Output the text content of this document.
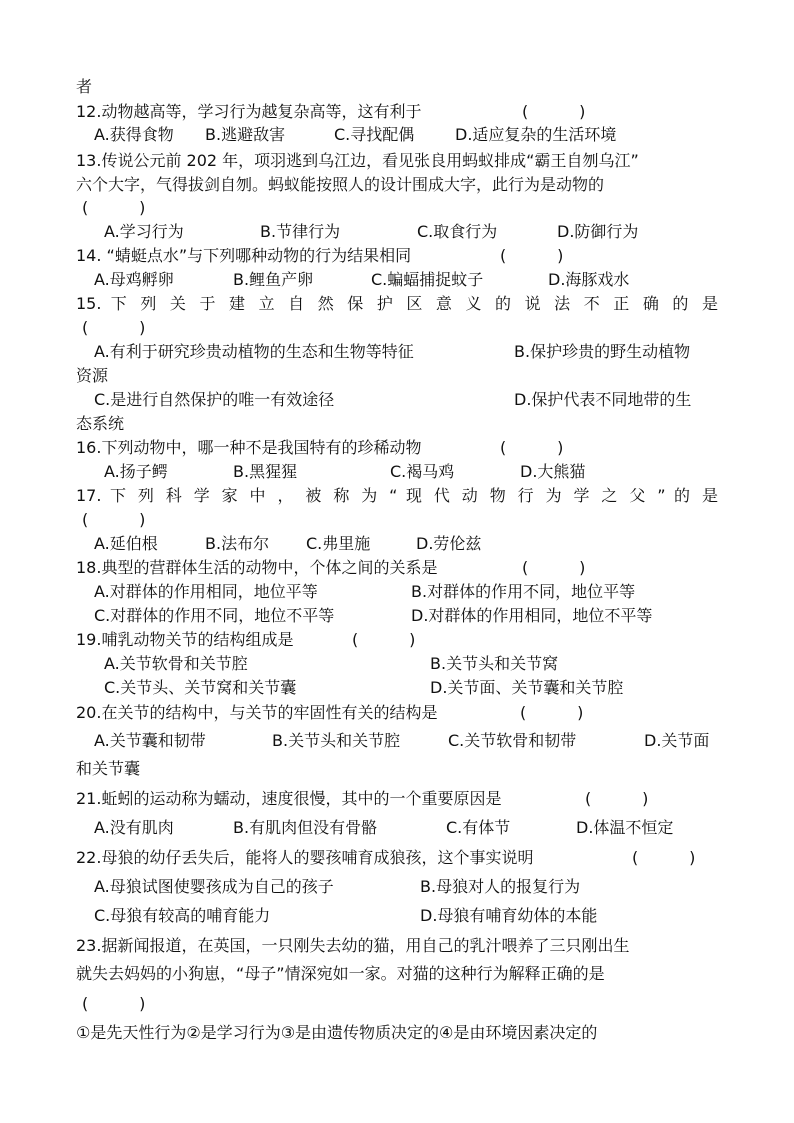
者
12.动物越高等，学习行为越复杂高等，这有利于	(          )
A.获得食物 B.逃避敌害	C.寻找配偶	D.适应复杂的生活环境
13.传说公元前 202 年，项羽逃到乌江边，看见张良用蚂蚁排成“霸王自刎乌江”
六个大字，气得拔剑自刎。蚂蚁能按照人的设计围成大字，此行为是动物的
(          )
A.学习行为	B.节律行为	C.取食行为	D.防御行为
14. “蜻蜓点水”与下列哪种动物的行为结果相同	(          )
A.母鸡孵卵	B.鲤鱼产卵	C.蝙蝠捕捉蚊子	D.海豚戏水
15. 下 列 关 于 建 立 自 然 保 护 区 意 义 的 说 法 不 正 确 的 是
(          )
A.有利于研究珍贵动植物的生态和生物等特征	B.保护珍贵的野生动植物
资源
C.是进行自然保护的唯一有效途径	D.保护代表不同地带的生
态系统
16.下列动物中，哪一种不是我国特有的珍稀动物	(          )
A.扬子鳄	B.黑猩猩	C.褐马鸡	D.大熊猫
17. 下 列 科 学 家 中 ， 被 称 为 “ 现 代 动 物 行 为 学 之 父 ” 的 是
(          )
A.延伯根	B.法布尔 C.弗里施	D.劳伦兹
18.典型的营群体生活的动物中，个体之间的关系是	(          )
A.对群体的作用相同，地位平等	B.对群体的作用不同，地位平等
C.对群体的作用不同，地位不平等	D.对群体的作用相同，地位不平等
19.哺乳动物关节的结构组成是	(          )
A.关节软骨和关节腔	B.关节头和关节窝
C.关节头、关节窝和关节囊	D.关节面、关节囊和关节腔
20.在关节的结构中，与关节的牢固性有关的结构是	(          )
A.关节囊和韧带	B.关节头和关节腔	C.关节软骨和韧带	D.关节面
和关节囊
21.蚯蚓的运动称为蠕动，速度很慢，其中的一个重要原因是	(          )
A.没有肌肉	B.有肌肉但没有骨骼	C.有体节	D.体温不恒定
22.母狼的幼仔丢失后，能将人的婴孩哺育成狼孩，这个事实说明	(          )
A.母狼试图使婴孩成为自己的孩子	B.母狼对人的报复行为
C.母狼有较高的哺育能力	D.母狼有哺育幼体的本能
23.据新闻报道，在英国，一只刚失去幼的猫，用自己的乳汁喂养了三只刚出生
就失去妈妈的小狗崽，“母子”情深宛如一家。对猫的这种行为解释正确的是
(          )
①是先天性行为②是学习行为③是由遗传物质决定的④是由环境因素决定的
